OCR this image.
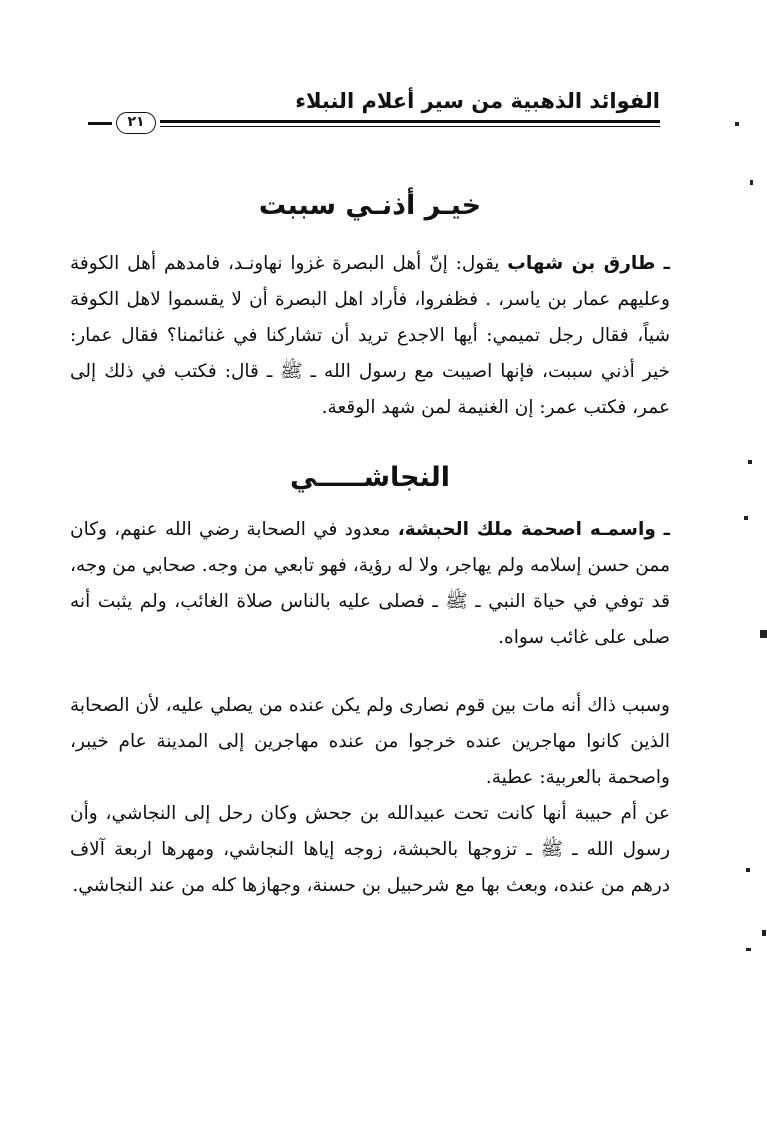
الفوائد الذهبية من سير أعلام النبلاء
٢١
خيـر أذنـي سببت
ـ طارق بن شهاب يقول: إنّ أهل البصرة غزوا نهاونـد، فامدهم أهل الكوفة وعليهم عمار بن ياسر، . فظفروا، فأراد اهل البصرة أن لا يقسموا لاهل الكوفة شياً، فقال رجل تميمي: أيها الاجدع تريد أن تشاركنا في غنائمنا؟ فقال عمار: خير أذني سببت، فإنها اصيبت مع رسول الله ـ ﷺ ـ قال: فكتب في ذلك إلى عمر، فكتب عمر: إن الغنيمة لمن شهد الوقعة.
النجاشـــــي
ـ واسمـه اصحمة ملك الحبشة، معدود في الصحابة رضي الله عنهم، وكان ممن حسن إسلامه ولم يهاجر، ولا له رؤية، فهو تابعي من وجه. صحابي من وجه، قد توفي في حياة النبي ـ ﷺ ـ فصلى عليه بالناس صلاة الغائب، ولم يثبت أنه صلى على غائب سواه.
وسبب ذاك أنه مات بين قوم نصارى ولم يكن عنده من يصلي عليه، لأن الصحابة الذين كانوا مهاجرين عنده خرجوا من عنده مهاجرين إلى المدينة عام خيبر، واصحمة بالعربية: عطية.
عن أم حبيبة أنها كانت تحت عبيدالله بن جحش وكان رحل إلى النجاشي، وأن رسول الله ـ ﷺ ـ تزوجها بالحبشة، زوجه إياها النجاشي، ومهرها اربعة آلاف درهم من عنده، وبعث بها مع شرحبيل بن حسنة، وجهازها كله من عند النجاشي.
